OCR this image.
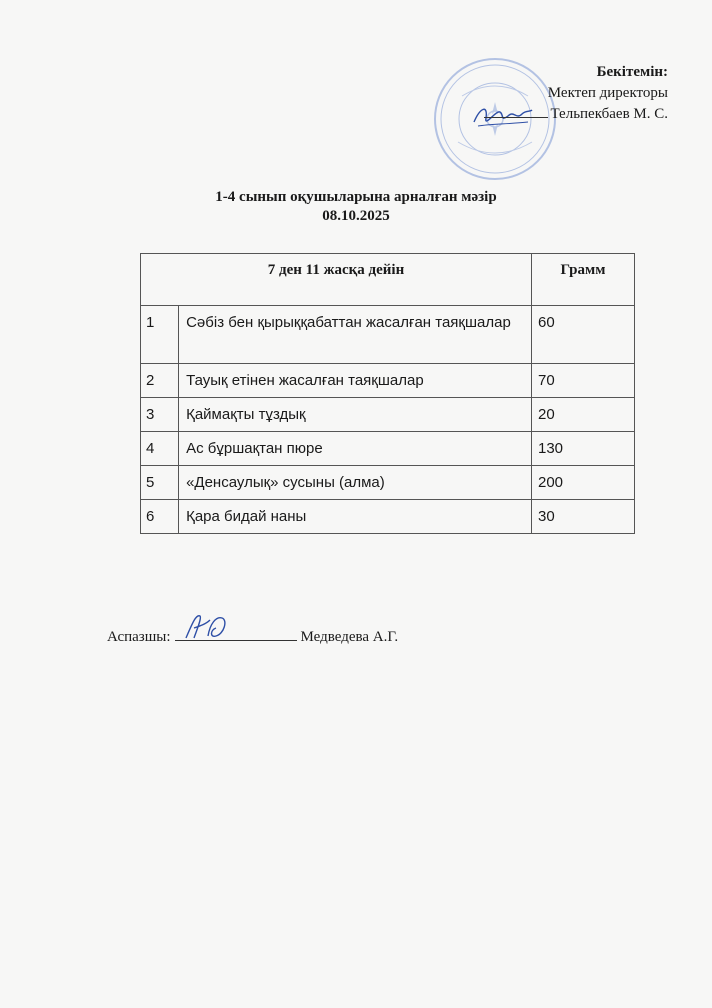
Бекітемін:
Мектеп директоры
Тельпекбаев М. С.
1-4 сынып оқушыларына арналған мәзір
08.10.2025
7 ден 11 жасқа дейін		Грамм
1	Сәбіз бен қырыққабаттан жасалған таяқшалар	60
2	Тауық етінен жасалған таяқшалар	70
3	Қаймақты тұздық	20
4	Ас бұршақтан пюре	130
5	«Денсаулық» сусыны (алма)	200
6	Қара бидай наны	30
Аспазшы:	Медведева А.Г.
